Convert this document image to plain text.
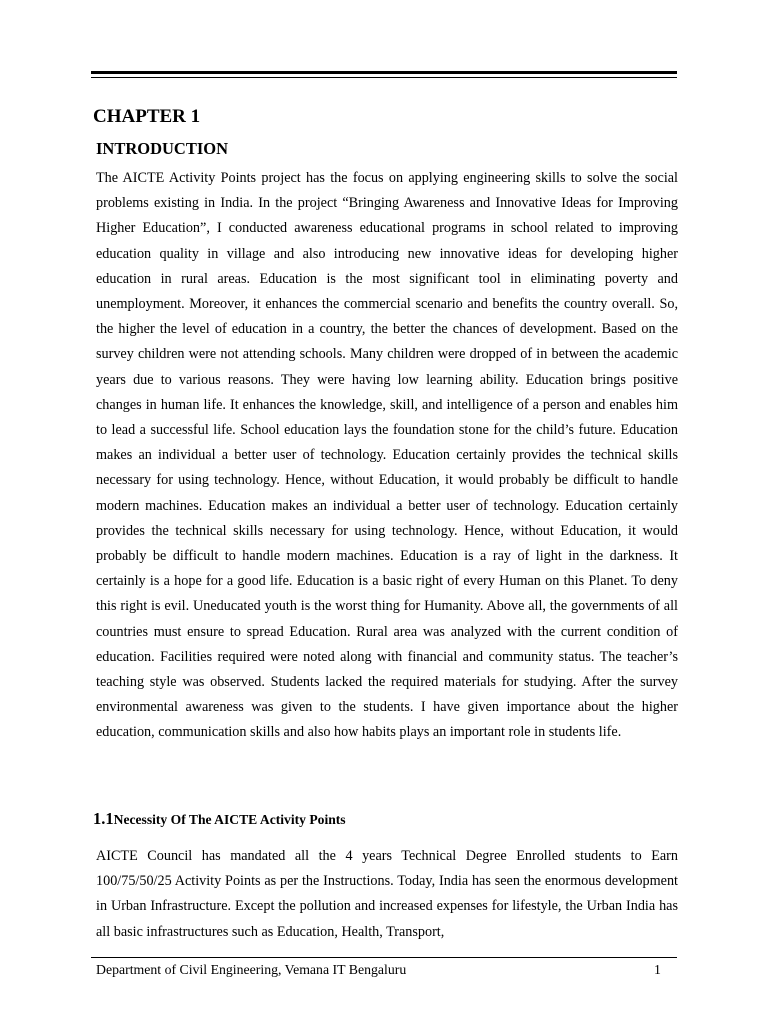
CHAPTER 1
INTRODUCTION

The AICTE Activity Points project has the focus on applying engineering skills to solve the social problems existing in India. In the project “Bringing Awareness and Innovative Ideas for Improving Higher Education”, I conducted awareness educational programs in school related to improving education quality in village and also introducing new innovative ideas for developing higher education in rural areas. Education is the most significant tool in eliminating poverty and unemployment. Moreover, it enhances the commercial scenario and benefits the country overall. So, the higher the level of education in a country, the better the chances of development. Based on the survey children were not attending schools. Many children were dropped of in between the academic years due to various reasons. They were having low learning ability. Education brings positive changes in human life. It enhances the knowledge, skill, and intelligence of a person and enables him to lead a successful life. School education lays the foundation stone for the child’s future. Education makes an individual a better user of technology. Education certainly provides the technical skills necessary for using technology. Hence, without Education, it would probably be difficult to handle modern machines. Education makes an individual a better user of technology. Education certainly provides the technical skills necessary for using technology. Hence, without Education, it would probably be difficult to handle modern machines. Education is a ray of light in the darkness. It certainly is a hope for a good life. Education is a basic right of every Human on this Planet. To deny this right is evil. Uneducated youth is the worst thing for Humanity. Above all, the governments of all countries must ensure to spread Education. Rural area was analyzed with the current condition of education. Facilities required were noted along with financial and community status. The teacher’s teaching style was observed. Students lacked the required materials for studying. After the survey environmental awareness was given to the students. I have given importance about the higher education, communication skills and also how habits plays an important role in students life.

1.1Necessity Of The AICTE Activity Points

AICTE Council has mandated all the 4 years Technical Degree Enrolled students to Earn 100/75/50/25 Activity Points as per the Instructions. Today, India has seen the enormous development in Urban Infrastructure. Except the pollution and increased expenses for lifestyle, the Urban India has all basic infrastructures such as Education, Health, Transport,

Department of Civil Engineering, Vemana IT Bengaluru	1
